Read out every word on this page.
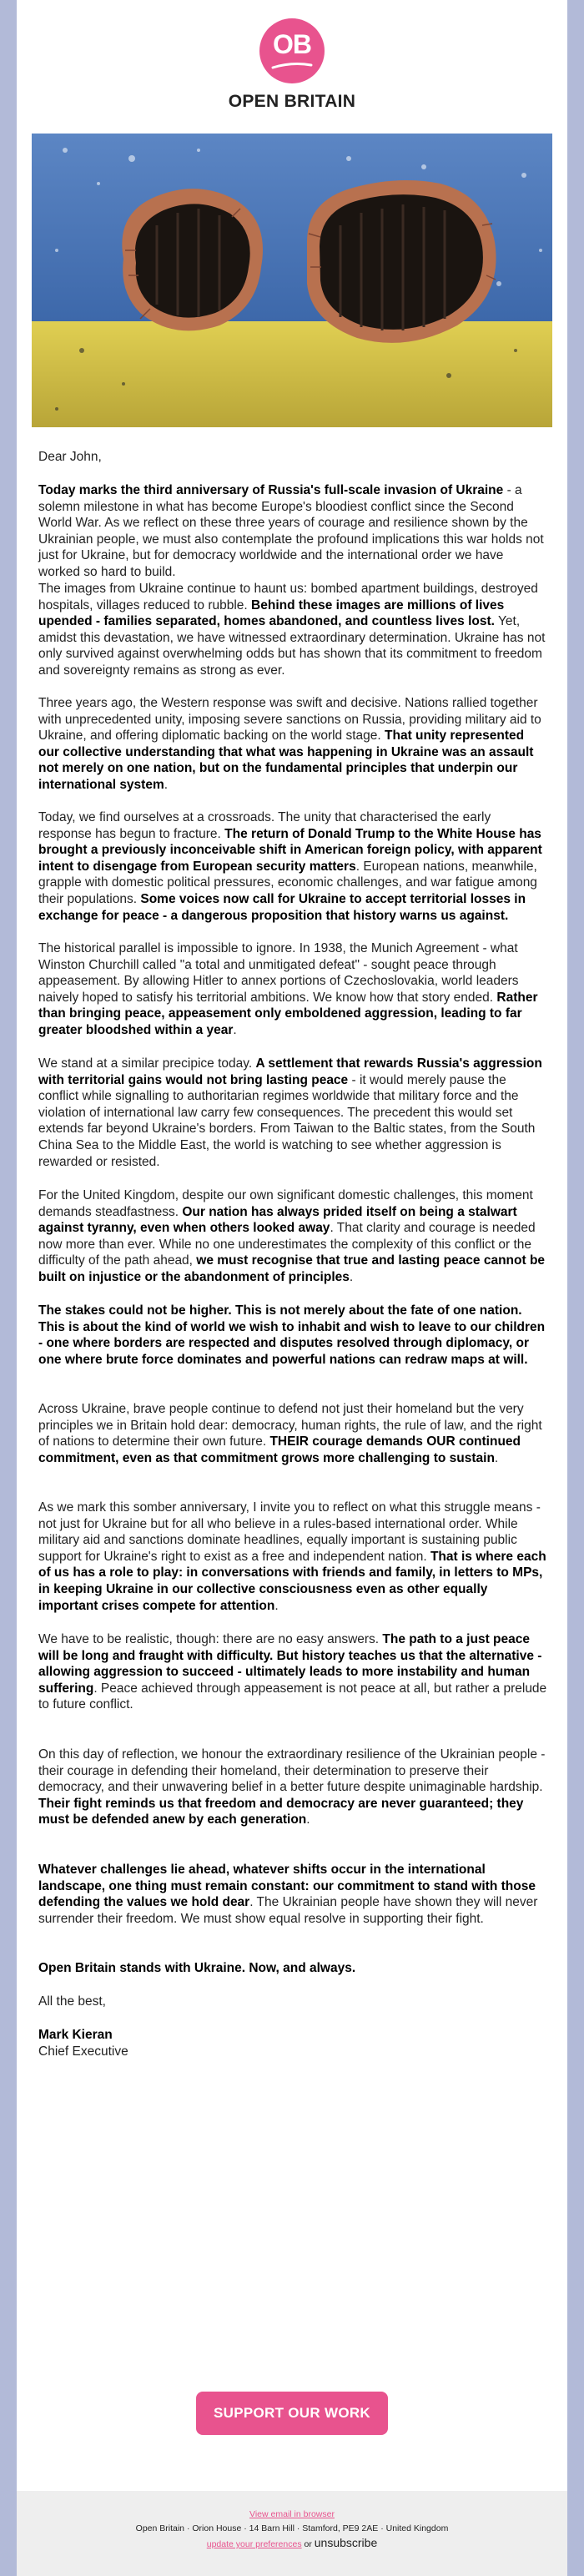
OB
OPEN BRITAIN

Dear John,

Today marks the third anniversary of Russia's full-scale invasion of Ukraine - a solemn milestone in what has become Europe's bloodiest conflict since the Second World War. As we reflect on these three years of courage and resilience shown by the Ukrainian people, we must also contemplate the profound implications this war holds not just for Ukraine, but for democracy worldwide and the international order we have worked so hard to build.

The images from Ukraine continue to haunt us: bombed apartment buildings, destroyed hospitals, villages reduced to rubble. Behind these images are millions of lives upended - families separated, homes abandoned, and countless lives lost. Yet, amidst this devastation, we have witnessed extraordinary determination. Ukraine has not only survived against overwhelming odds but has shown that its commitment to freedom and sovereignty remains as strong as ever.

Three years ago, the Western response was swift and decisive. Nations rallied together with unprecedented unity, imposing severe sanctions on Russia, providing military aid to Ukraine, and offering diplomatic backing on the world stage. That unity represented our collective understanding that what was happening in Ukraine was an assault not merely on one nation, but on the fundamental principles that underpin our international system.

Today, we find ourselves at a crossroads. The unity that characterised the early response has begun to fracture. The return of Donald Trump to the White House has brought a previously inconceivable shift in American foreign policy, with apparent intent to disengage from European security matters. European nations, meanwhile, grapple with domestic political pressures, economic challenges, and war fatigue among their populations. Some voices now call for Ukraine to accept territorial losses in exchange for peace - a dangerous proposition that history warns us against.

The historical parallel is impossible to ignore. In 1938, the Munich Agreement - what Winston Churchill called "a total and unmitigated defeat" - sought peace through appeasement. By allowing Hitler to annex portions of Czechoslovakia, world leaders naively hoped to satisfy his territorial ambitions. We know how that story ended. Rather than bringing peace, appeasement only emboldened aggression, leading to far greater bloodshed within a year.

We stand at a similar precipice today. A settlement that rewards Russia's aggression with territorial gains would not bring lasting peace - it would merely pause the conflict while signalling to authoritarian regimes worldwide that military force and the violation of international law carry few consequences. The precedent this would set extends far beyond Ukraine's borders. From Taiwan to the Baltic states, from the South China Sea to the Middle East, the world is watching to see whether aggression is rewarded or resisted.

For the United Kingdom, despite our own significant domestic challenges, this moment demands steadfastness. Our nation has always prided itself on being a stalwart against tyranny, even when others looked away. That clarity and courage is needed now more than ever. While no one underestimates the complexity of this conflict or the difficulty of the path ahead, we must recognise that true and lasting peace cannot be built on injustice or the abandonment of principles.

The stakes could not be higher. This is not merely about the fate of one nation. This is about the kind of world we wish to inhabit and wish to leave to our children - one where borders are respected and disputes resolved through diplomacy, or one where brute force dominates and powerful nations can redraw maps at will.

Across Ukraine, brave people continue to defend not just their homeland but the very principles we in Britain hold dear: democracy, human rights, the rule of law, and the right of nations to determine their own future. THEIR courage demands OUR continued commitment, even as that commitment grows more challenging to sustain.

As we mark this somber anniversary, I invite you to reflect on what this struggle means - not just for Ukraine but for all who believe in a rules-based international order. While military aid and sanctions dominate headlines, equally important is sustaining public support for Ukraine's right to exist as a free and independent nation. That is where each of us has a role to play: in conversations with friends and family, in letters to MPs, in keeping Ukraine in our collective consciousness even as other equally important crises compete for attention.

We have to be realistic, though: there are no easy answers. The path to a just peace will be long and fraught with difficulty. But history teaches us that the alternative - allowing aggression to succeed - ultimately leads to more instability and human suffering. Peace achieved through appeasement is not peace at all, but rather a prelude to future conflict.

On this day of reflection, we honour the extraordinary resilience of the Ukrainian people - their courage in defending their homeland, their determination to preserve their democracy, and their unwavering belief in a better future despite unimaginable hardship. Their fight reminds us that freedom and democracy are never guaranteed; they must be defended anew by each generation.

Whatever challenges lie ahead, whatever shifts occur in the international landscape, one thing must remain constant: our commitment to stand with those defending the values we hold dear. The Ukrainian people have shown they will never surrender their freedom. We must show equal resolve in supporting their fight.

Open Britain stands with Ukraine. Now, and always.

All the best,

Mark Kieran

Chief Executive

SUPPORT OUR WORK
View email in browser
Open Britain · Orion House · 14 Barn Hill · Stamford, PE9 2AE · United Kingdom
update your preferences or unsubscribe
